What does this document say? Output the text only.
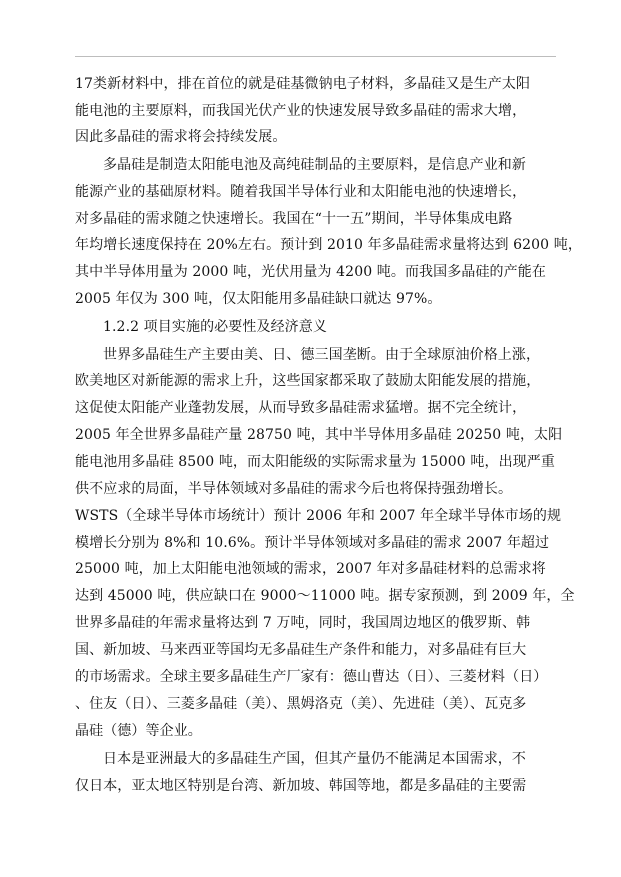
17类新材料中，排在首位的就是硅基微钠电子材料，多晶硅又是生产太阳
能电池的主要原料，而我国光伏产业的快速发展导致多晶硅的需求大增，
因此多晶硅的需求将会持续发展。
多晶硅是制造太阳能电池及高纯硅制品的主要原料，是信息产业和新
能源产业的基础原材料。随着我国半导体行业和太阳能电池的快速增长，
对多晶硅的需求随之快速增长。我国在“十一五”期间，半导体集成电路
年均增长速度保持在 20%左右。预计到 2010 年多晶硅需求量将达到 6200 吨，
其中半导体用量为 2000 吨，光伏用量为 4200 吨。而我国多晶硅的产能在
2005 年仅为 300 吨，仅太阳能用多晶硅缺口就达 97%。
1.2.2 项目实施的必要性及经济意义
世界多晶硅生产主要由美、日、德三国垄断。由于全球原油价格上涨，
欧美地区对新能源的需求上升，这些国家都采取了鼓励太阳能发展的措施，
这促使太阳能产业蓬勃发展，从而导致多晶硅需求猛增。据不完全统计，
2005 年全世界多晶硅产量 28750 吨，其中半导体用多晶硅 20250 吨，太阳
能电池用多晶硅 8500 吨，而太阳能级的实际需求量为 15000 吨，出现严重
供不应求的局面，半导体领域对多晶硅的需求今后也将保持强劲增长。
WSTS（全球半导体市场统计）预计 2006 年和 2007 年全球半导体市场的规
模增长分别为 8%和 10.6%。预计半导体领域对多晶硅的需求 2007 年超过
25000 吨，加上太阳能电池领域的需求，2007 年对多晶硅材料的总需求将
达到 45000 吨，供应缺口在 9000～11000 吨。据专家预测，到 2009 年，全
世界多晶硅的年需求量将达到 7 万吨，同时，我国周边地区的俄罗斯、韩
国、新加坡、马来西亚等国均无多晶硅生产条件和能力，对多晶硅有巨大
的市场需求。全球主要多晶硅生产厂家有：德山曹达（日）、三菱材料（日）
、住友（日）、三菱多晶硅（美）、黑姆洛克（美）、先进硅（美）、瓦克多
晶硅（德）等企业。
日本是亚洲最大的多晶硅生产国，但其产量仍不能满足本国需求，不
仅日本，亚太地区特别是台湾、新加坡、韩国等地，都是多晶硅的主要需
